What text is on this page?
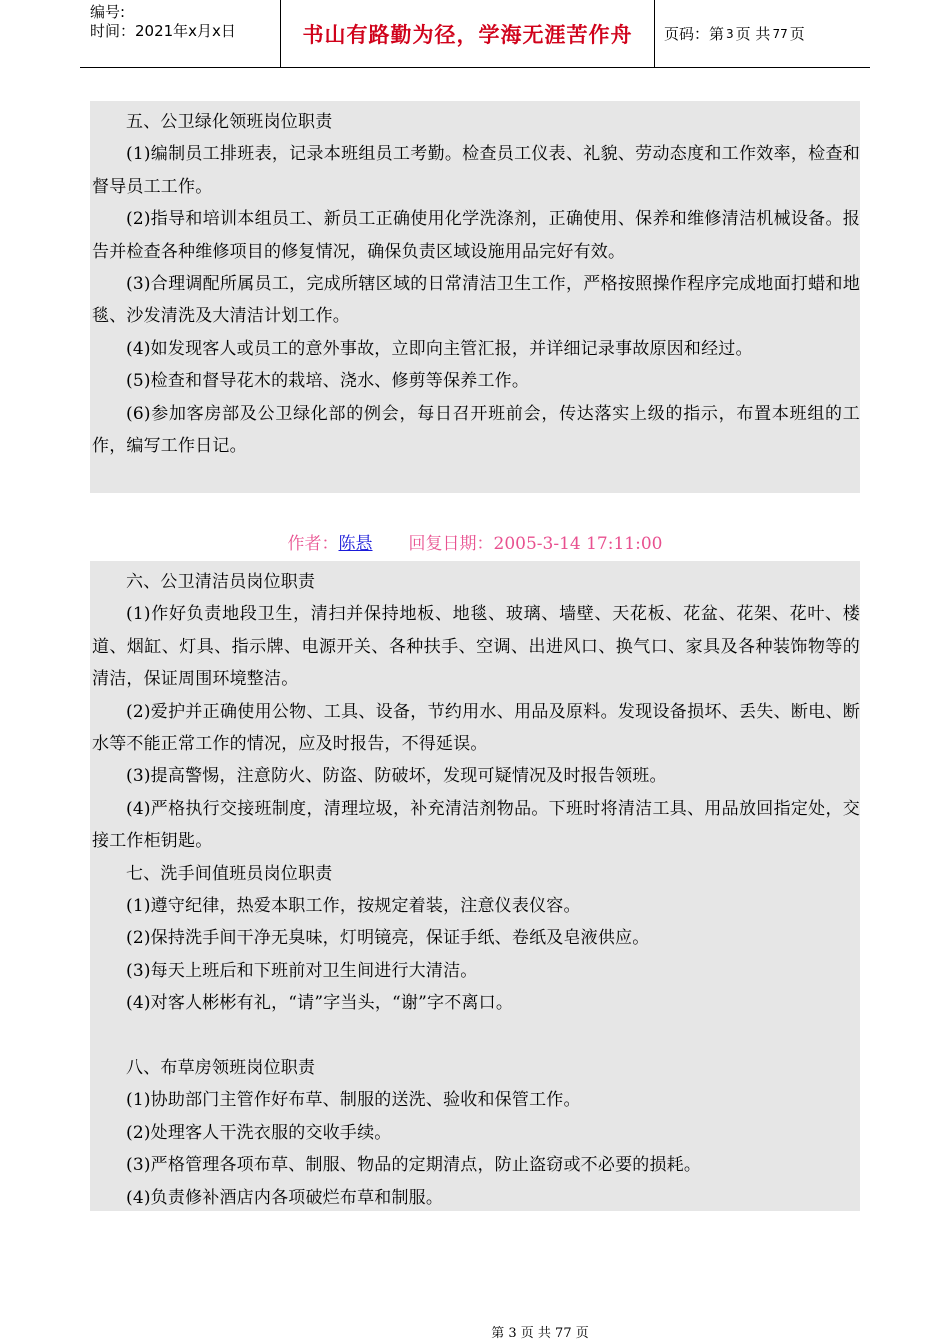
编号:
时间：2021年x月x日	书山有路勤为径，学海无涯苦作舟	页码：第 3 页 共 77 页

五、公卫绿化领班岗位职责

(1)编制员工排班表，记录本班组员工考勤。检查员工仪表、礼貌、劳动态度和工作效率，检查和督导员工工作。

(2)指导和培训本组员工、新员工正确使用化学洗涤剂，正确使用、保养和维修清洁机械设备。报告并检查各种维修项目的修复情况，确保负责区域设施用品完好有效。

(3)合理调配所属员工，完成所辖区域的日常清洁卫生工作，严格按照操作程序完成地面打蜡和地毯、沙发清洗及大清洁计划工作。

(4)如发现客人或员工的意外事故，立即向主管汇报，并详细记录事故原因和经过。

(5)检查和督导花木的栽培、浇水、修剪等保养工作。

(6)参加客房部及公卫绿化部的例会，每日召开班前会，传达落实上级的指示，布置本班组的工作，编写工作日记。

作者：陈悬 回复日期：2005-3-14 17:11:00

六、公卫清洁员岗位职责

(1)作好负责地段卫生，清扫并保持地板、地毯、玻璃、墙壁、天花板、花盆、花架、花叶、楼道、烟缸、灯具、指示牌、电源开关、各种扶手、空调、出进风口、换气口、家具及各种装饰物等的清洁，保证周围环境整洁。

(2)爱护并正确使用公物、工具、设备，节约用水、用品及原料。发现设备损坏、丢失、断电、断水等不能正常工作的情况，应及时报告，不得延误。

(3)提高警惕，注意防火、防盗、防破坏，发现可疑情况及时报告领班。

(4)严格执行交接班制度，清理垃圾，补充清洁剂物品。下班时将清洁工具、用品放回指定处，交接工作柜钥匙。

七、洗手间值班员岗位职责

(1)遵守纪律，热爱本职工作，按规定着装，注意仪表仪容。

(2)保持洗手间干净无臭味，灯明镜亮，保证手纸、卷纸及皂液供应。

(3)每天上班后和下班前对卫生间进行大清洁。

(4)对客人彬彬有礼，“请”字当头，“谢”字不离口。

八、布草房领班岗位职责

(1)协助部门主管作好布草、制服的送洗、验收和保管工作。

(2)处理客人干洗衣服的交收手续。

(3)严格管理各项布草、制服、物品的定期清点，防止盗窃或不必要的损耗。

(4)负责修补酒店内各项破烂布草和制服。

第 3 页 共 77 页
